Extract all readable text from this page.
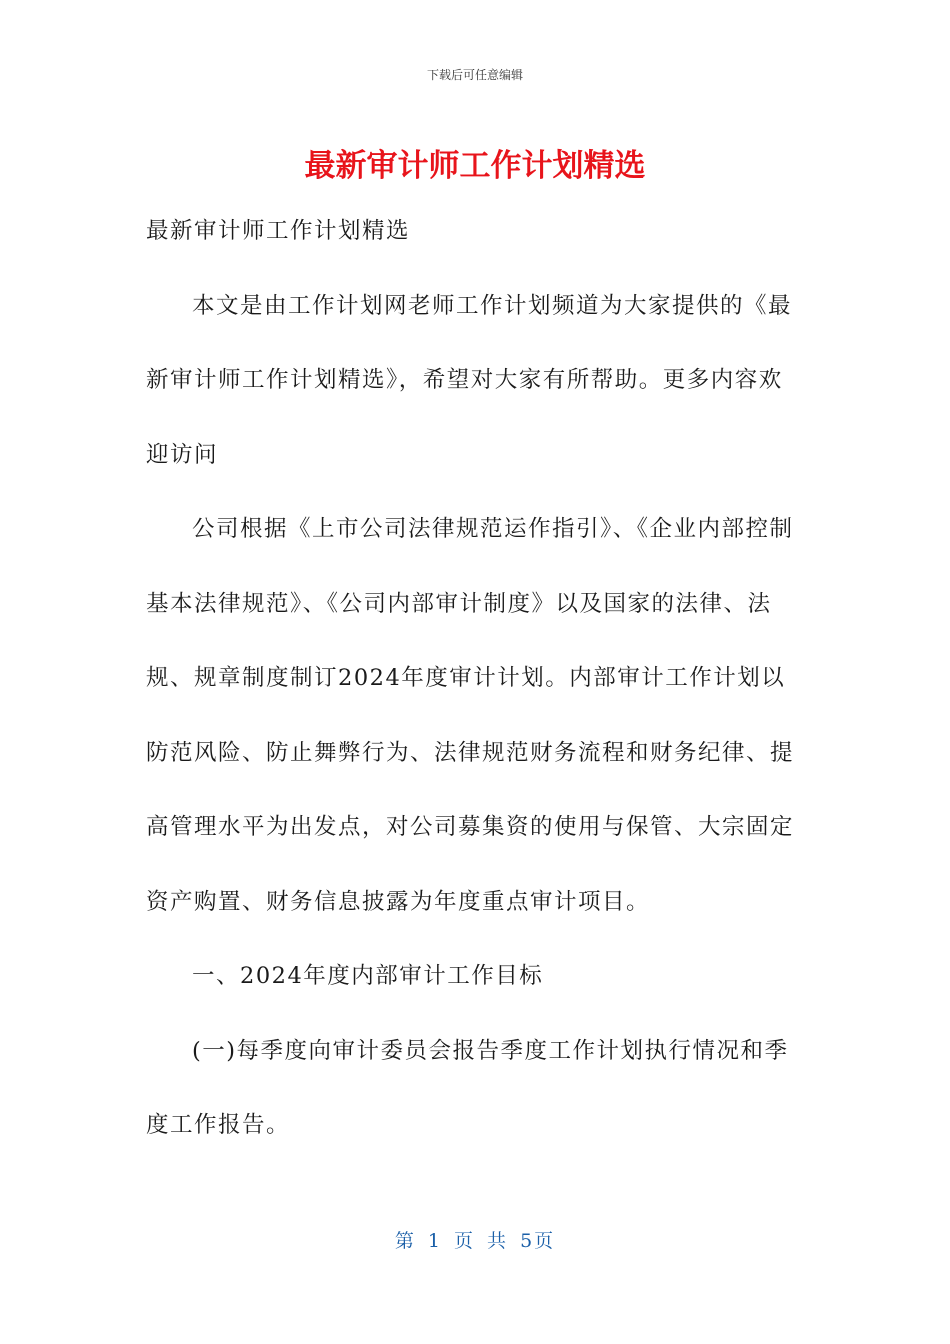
下载后可任意编辑
最新审计师工作计划精选

最新审计师工作计划精选

本文是由工作计划网老师工作计划频道为大家提供的《最新审计师工作计划精选》，希望对大家有所帮助。更多内容欢迎访问

公司根据《上市公司法律规范运作指引》、《企业内部控制基本法律规范》、《公司内部审计制度》以及国家的法律、法规、规章制度制订2024年度审计计划。内部审计工作计划以防范风险、防止舞弊行为、法律规范财务流程和财务纪律、提高管理水平为出发点，对公司募集资的使用与保管、大宗固定资产购置、财务信息披露为年度重点审计项目。

一、2024年度内部审计工作目标

(一)每季度向审计委员会报告季度工作计划执行情况和季度工作报告。

第 1 页 共 5页
